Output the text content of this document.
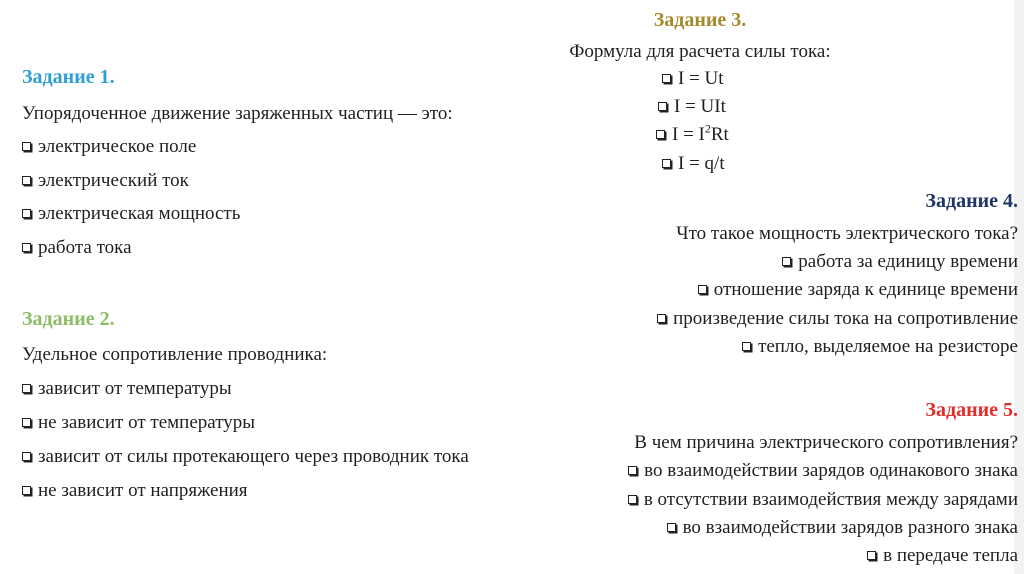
Задание 1.
Упорядоченное движение заряженных частиц — это:
электрическое поле
электрический ток
электрическая мощность
работа тока
Задание 2.
Удельное сопротивление проводника:
зависит от температуры
не зависит от температуры
зависит от силы протекающего через проводник тока
не зависит от напряжения
Задание 3.
Формула для расчета силы тока:
I = Ut
I = UIt
$I = I^2Rt$
I = q/t
Задание 4.
Что такое мощность электрического тока?
работа за единицу времени
отношение заряда к единице времени
произведение силы тока на сопротивление
тепло, выделяемое на резисторе
Задание 5.
В чем причина электрического сопротивления?
во взаимодействии зарядов одинакового знака
в отсутствии взаимодействия между зарядами
во взаимодействии зарядов разного знака
в передаче тепла
